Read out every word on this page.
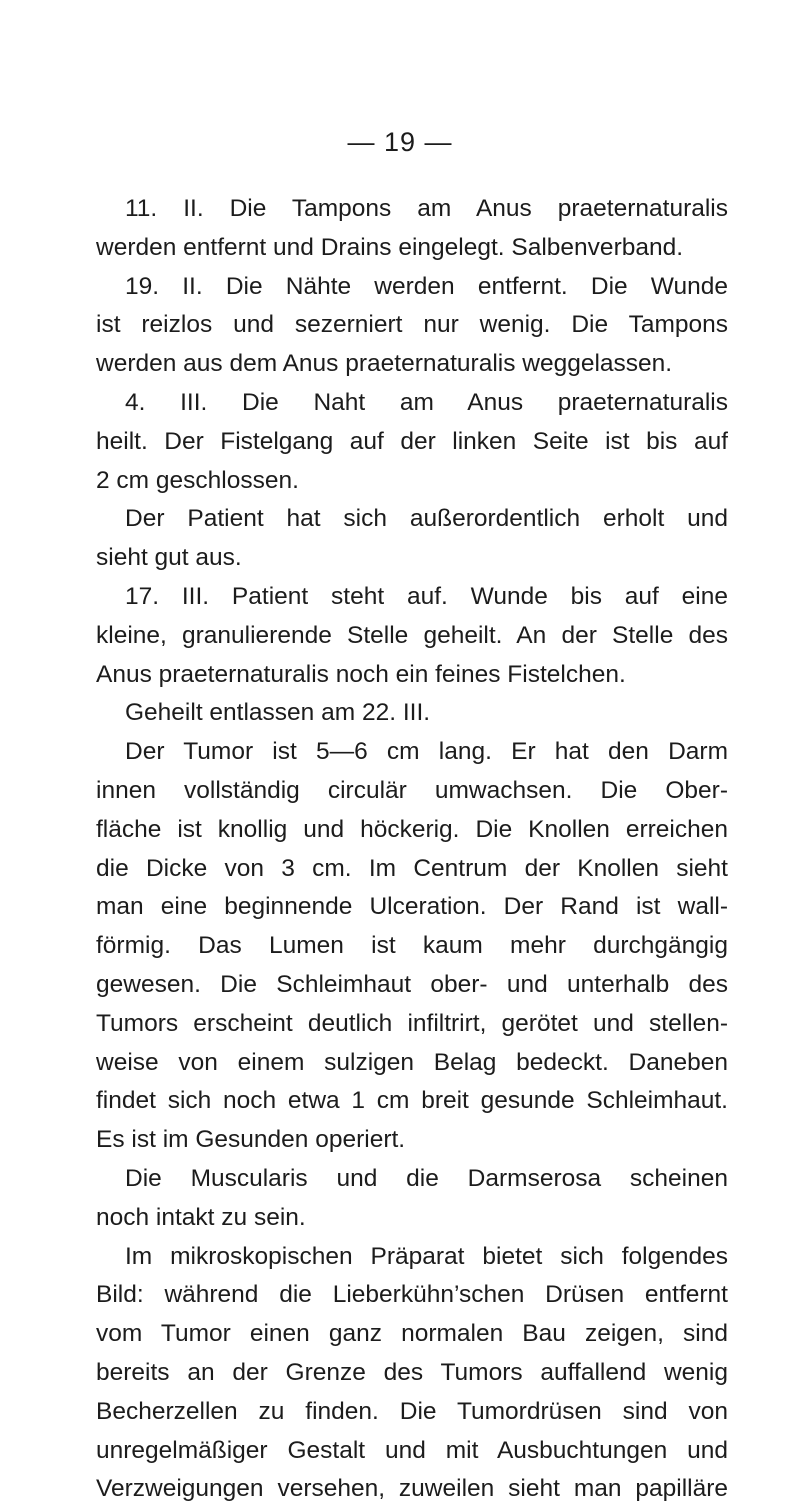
— 19 —
11. II. Die Tampons am Anus praeternaturalis
werden entfernt und Drains eingelegt. Salbenverband.
19. II. Die Nähte werden entfernt. Die Wunde
ist reizlos und sezerniert nur wenig. Die Tampons
werden aus dem Anus praeternaturalis weggelassen.
4. III. Die Naht am Anus praeternaturalis
heilt. Der Fistelgang auf der linken Seite ist bis auf
2 cm geschlossen.
Der Patient hat sich außerordentlich erholt und
sieht gut aus.
17. III. Patient steht auf. Wunde bis auf eine
kleine, granulierende Stelle geheilt. An der Stelle des
Anus praeternaturalis noch ein feines Fistelchen.
Geheilt entlassen am 22. III.
Der Tumor ist 5—6 cm lang. Er hat den Darm
innen vollständig circulär umwachsen. Die Ober-
fläche ist knollig und höckerig. Die Knollen erreichen
die Dicke von 3 cm. Im Centrum der Knollen sieht
man eine beginnende Ulceration. Der Rand ist wall-
förmig. Das Lumen ist kaum mehr durchgängig
gewesen. Die Schleimhaut ober- und unterhalb des
Tumors erscheint deutlich infiltrirt, gerötet und stellen-
weise von einem sulzigen Belag bedeckt. Daneben
findet sich noch etwa 1 cm breit gesunde Schleimhaut.
Es ist im Gesunden operiert.
Die Muscularis und die Darmserosa scheinen
noch intakt zu sein.
Im mikroskopischen Präparat bietet sich folgendes
Bild: während die Lieberkühn’schen Drüsen entfernt
vom Tumor einen ganz normalen Bau zeigen, sind
bereits an der Grenze des Tumors auffallend wenig
Becherzellen zu finden. Die Tumordrüsen sind von
unregelmäßiger Gestalt und mit Ausbuchtungen und
Verzweigungen versehen, zuweilen sieht man papilläre
